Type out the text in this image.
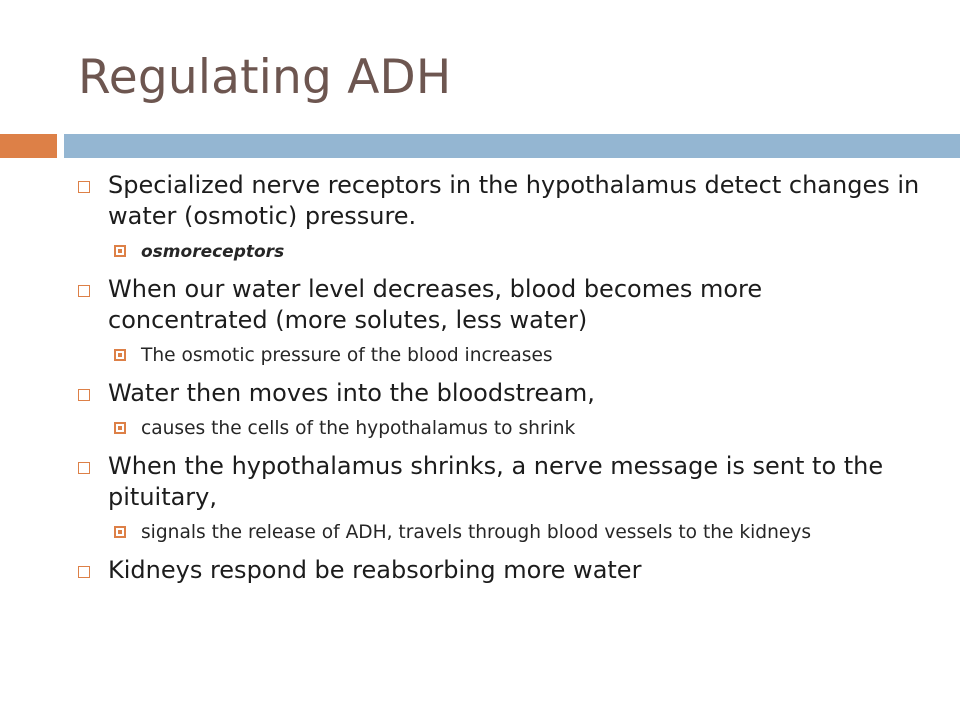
Regulating ADH
Specialized nerve receptors in the hypothalamus detect changes in water (osmotic) pressure.
osmoreceptors
When our water level decreases, blood becomes more concentrated (more solutes, less water)
The osmotic pressure of the blood increases
Water then moves into the bloodstream,
causes the cells of the hypothalamus to shrink
When the hypothalamus shrinks, a nerve message is sent to the pituitary,
signals the release of ADH, travels through blood vessels to the kidneys
Kidneys respond be reabsorbing more water
